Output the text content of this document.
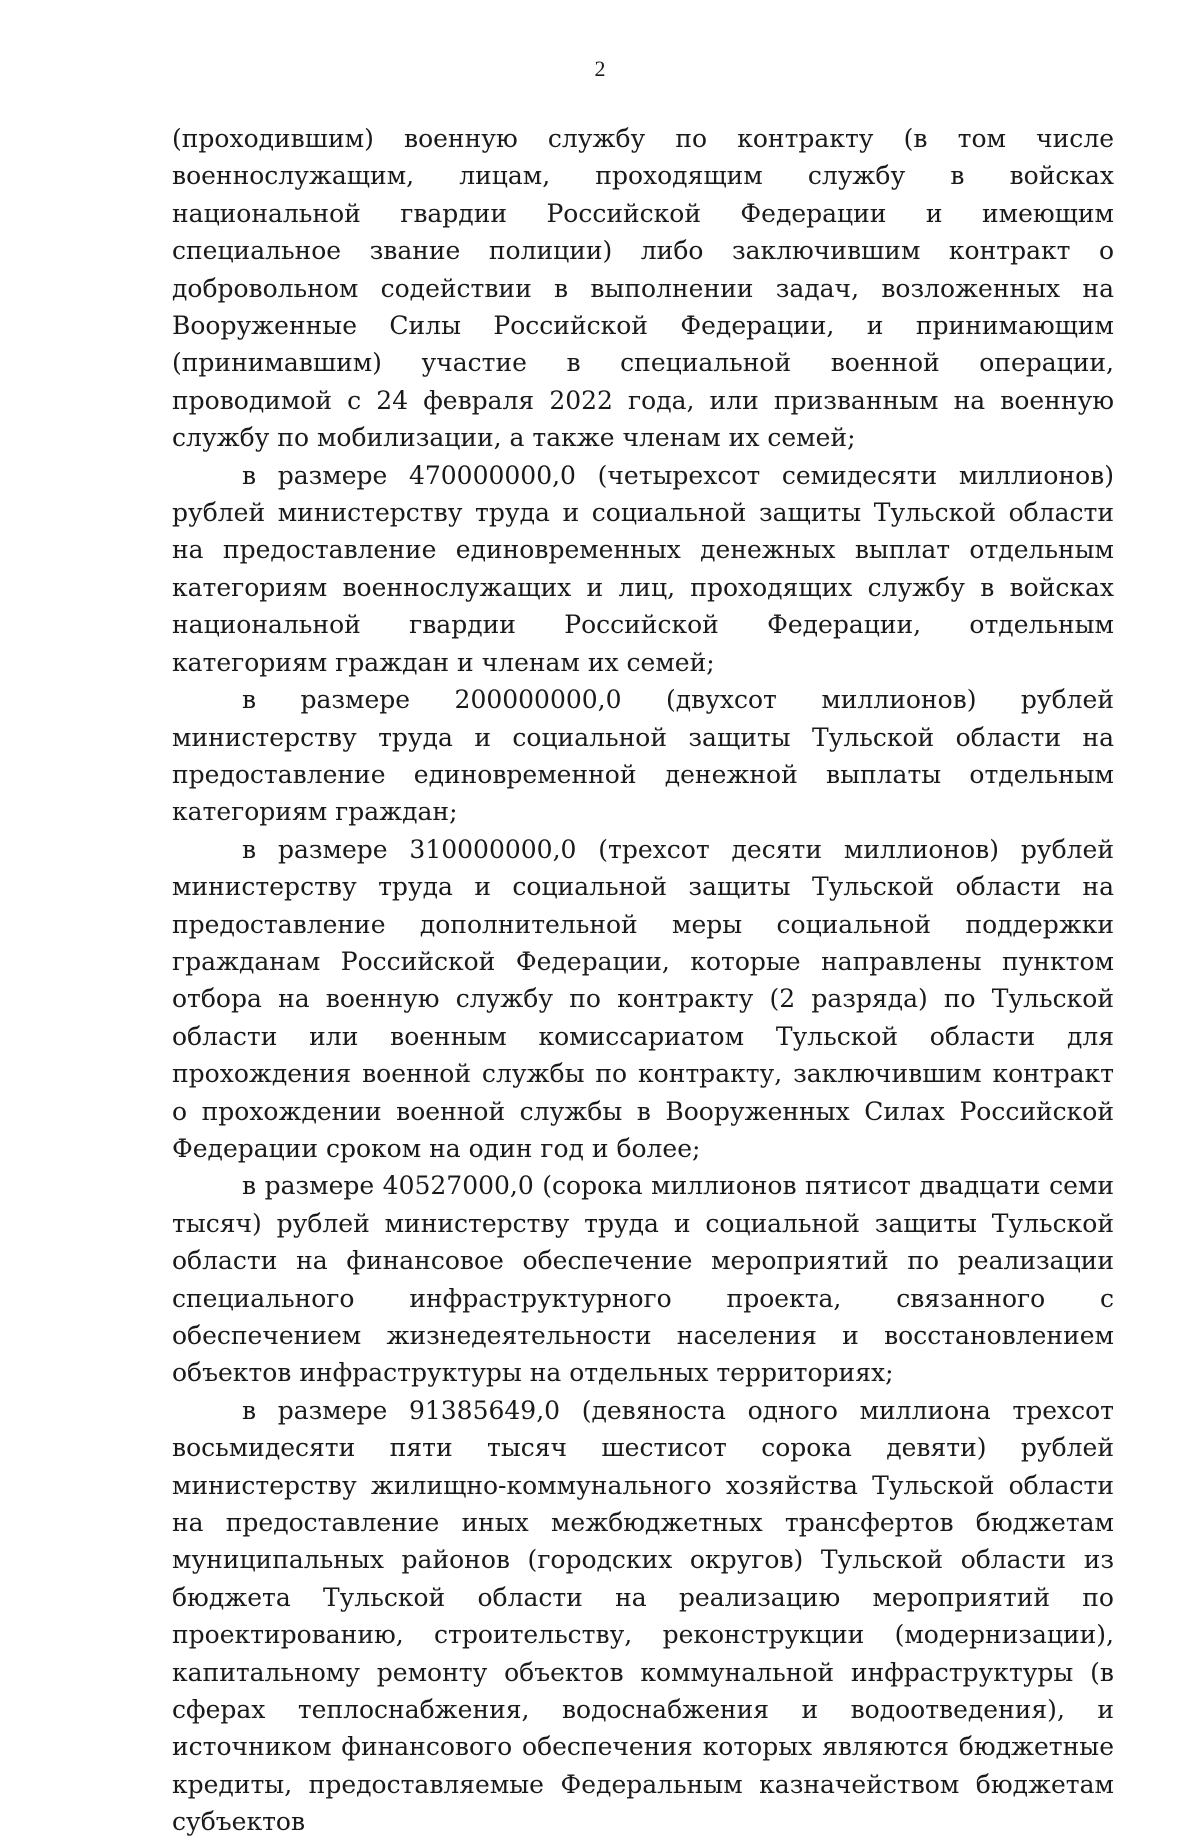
2

(проходившим) военную службу по контракту (в том числе военнослужащим, лицам, проходящим службу в войсках национальной гвардии Российской Федерации и имеющим специальное звание полиции) либо заключившим контракт о добровольном содействии в выполнении задач, возложенных на Вооруженные Силы Российской Федерации, и принимающим (принимавшим) участие в специальной военной операции, проводимой с 24 февраля 2022 года, или призванным на военную службу по мобилизации, а также членам их семей;

в размере 470000000,0 (четырехсот семидесяти миллионов) рублей министерству труда и социальной защиты Тульской области на предоставление единовременных денежных выплат отдельным категориям военнослужащих и лиц, проходящих службу в войсках национальной гвардии Российской Федерации, отдельным категориям граждан и членам их семей;

в размере 200000000,0 (двухсот миллионов) рублей министерству труда и социальной защиты Тульской области на предоставление единовременной денежной выплаты отдельным категориям граждан;

в размере 310000000,0 (трехсот десяти миллионов) рублей министерству труда и социальной защиты Тульской области на предоставление дополнительной меры социальной поддержки гражданам Российской Федерации, которые направлены пунктом отбора на военную службу по контракту (2 разряда) по Тульской области или военным комиссариатом Тульской области для прохождения военной службы по контракту, заключившим контракт о прохождении военной службы в Вооруженных Силах Российской Федерации сроком на один год и более;

в размере 40527000,0 (сорока миллионов пятисот двадцати семи тысяч) рублей министерству труда и социальной защиты Тульской области на финансовое обеспечение мероприятий по реализации специального инфраструктурного проекта, связанного с обеспечением жизнедеятельности населения и восстановлением объектов инфраструктуры на отдельных территориях;

в размере 91385649,0 (девяноста одного миллиона трехсот восьмидесяти пяти тысяч шестисот сорока девяти) рублей министерству жилищно-коммунального хозяйства Тульской области на предоставление иных межбюджетных трансфертов бюджетам муниципальных районов (городских округов) Тульской области из бюджета Тульской области на реализацию мероприятий по проектированию, строительству, реконструкции (модернизации), капитальному ремонту объектов коммунальной инфраструктуры (в сферах теплоснабжения, водоснабжения и водоотведения), и источником финансового обеспечения которых являются бюджетные кредиты, предоставляемые Федеральным казначейством бюджетам субъектов
